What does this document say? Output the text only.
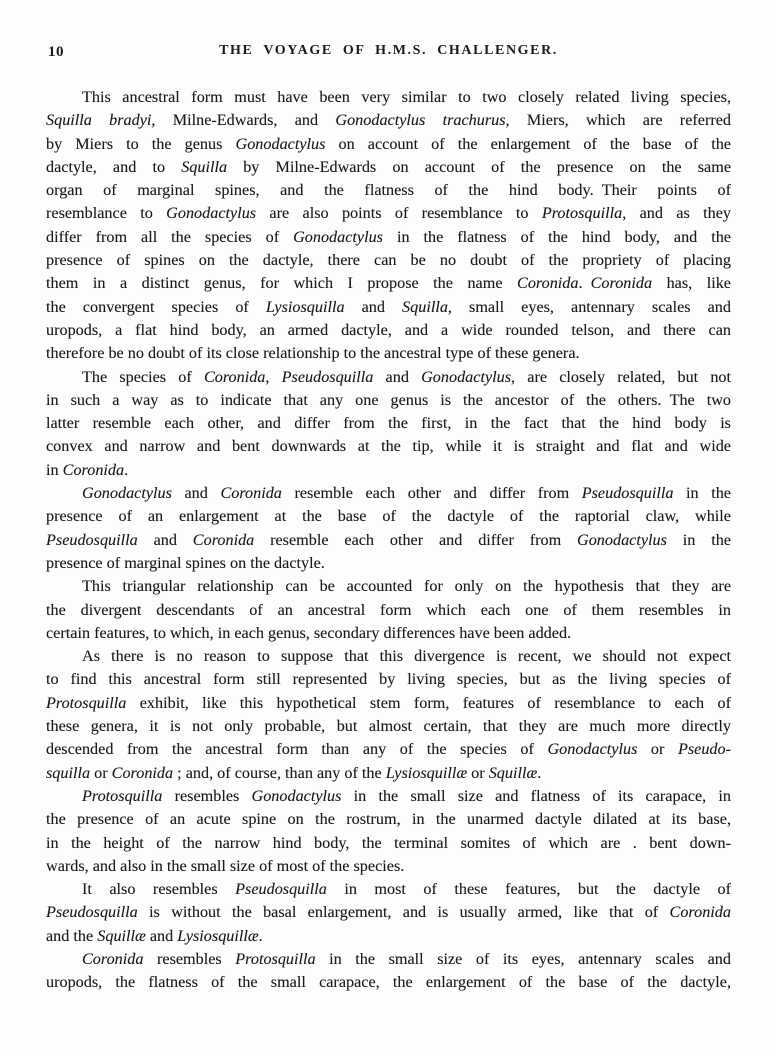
10	THE VOYAGE OF H.M.S. CHALLENGER.
This ancestral form must have been very similar to two closely related living species,
Squilla bradyi, Milne-Edwards, and Gonodactylus trachurus, Miers, which are referred
by Miers to the genus Gonodactylus on account of the enlargement of the base of the
dactyle, and to Squilla by Milne-Edwards on account of the presence on the same
organ of marginal spines, and the flatness of the hind body. Their points of
resemblance to Gonodactylus are also points of resemblance to Protosquilla, and as they
differ from all the species of Gonodactylus in the flatness of the hind body, and the
presence of spines on the dactyle, there can be no doubt of the propriety of placing
them in a distinct genus, for which I propose the name Coronida. Coronida has, like
the convergent species of Lysiosquilla and Squilla, small eyes, antennary scales and
uropods, a flat hind body, an armed dactyle, and a wide rounded telson, and there can
therefore be no doubt of its close relationship to the ancestral type of these genera.
The species of Coronida, Pseudosquilla and Gonodactylus, are closely related, but not
in such a way as to indicate that any one genus is the ancestor of the others. The two
latter resemble each other, and differ from the first, in the fact that the hind body is
convex and narrow and bent downwards at the tip, while it is straight and flat and wide
in Coronida.
Gonodactylus and Coronida resemble each other and differ from Pseudosquilla in the
presence of an enlargement at the base of the dactyle of the raptorial claw, while
Pseudosquilla and Coronida resemble each other and differ from Gonodactylus in the
presence of marginal spines on the dactyle.
This triangular relationship can be accounted for only on the hypothesis that they are
the divergent descendants of an ancestral form which each one of them resembles in
certain features, to which, in each genus, secondary differences have been added.
As there is no reason to suppose that this divergence is recent, we should not expect
to find this ancestral form still represented by living species, but as the living species of
Protosquilla exhibit, like this hypothetical stem form, features of resemblance to each of
these genera, it is not only probable, but almost certain, that they are much more directly
descended from the ancestral form than any of the species of Gonodactylus or Pseudo-
squilla or Coronida ; and, of course, than any of the Lysiosquillæ or Squillæ.
Protosquilla resembles Gonodactylus in the small size and flatness of its carapace, in
the presence of an acute spine on the rostrum, in the unarmed dactyle dilated at its base,
in the height of the narrow hind body, the terminal somites of which are . bent down-
wards, and also in the small size of most of the species.
It also resembles Pseudosquilla in most of these features, but the dactyle of
Pseudosquilla is without the basal enlargement, and is usually armed, like that of Coronida
and the Squillæ and Lysiosquillæ.
Coronida resembles Protosquilla in the small size of its eyes, antennary scales and
uropods, the flatness of the small carapace, the enlargement of the base of the dactyle,
